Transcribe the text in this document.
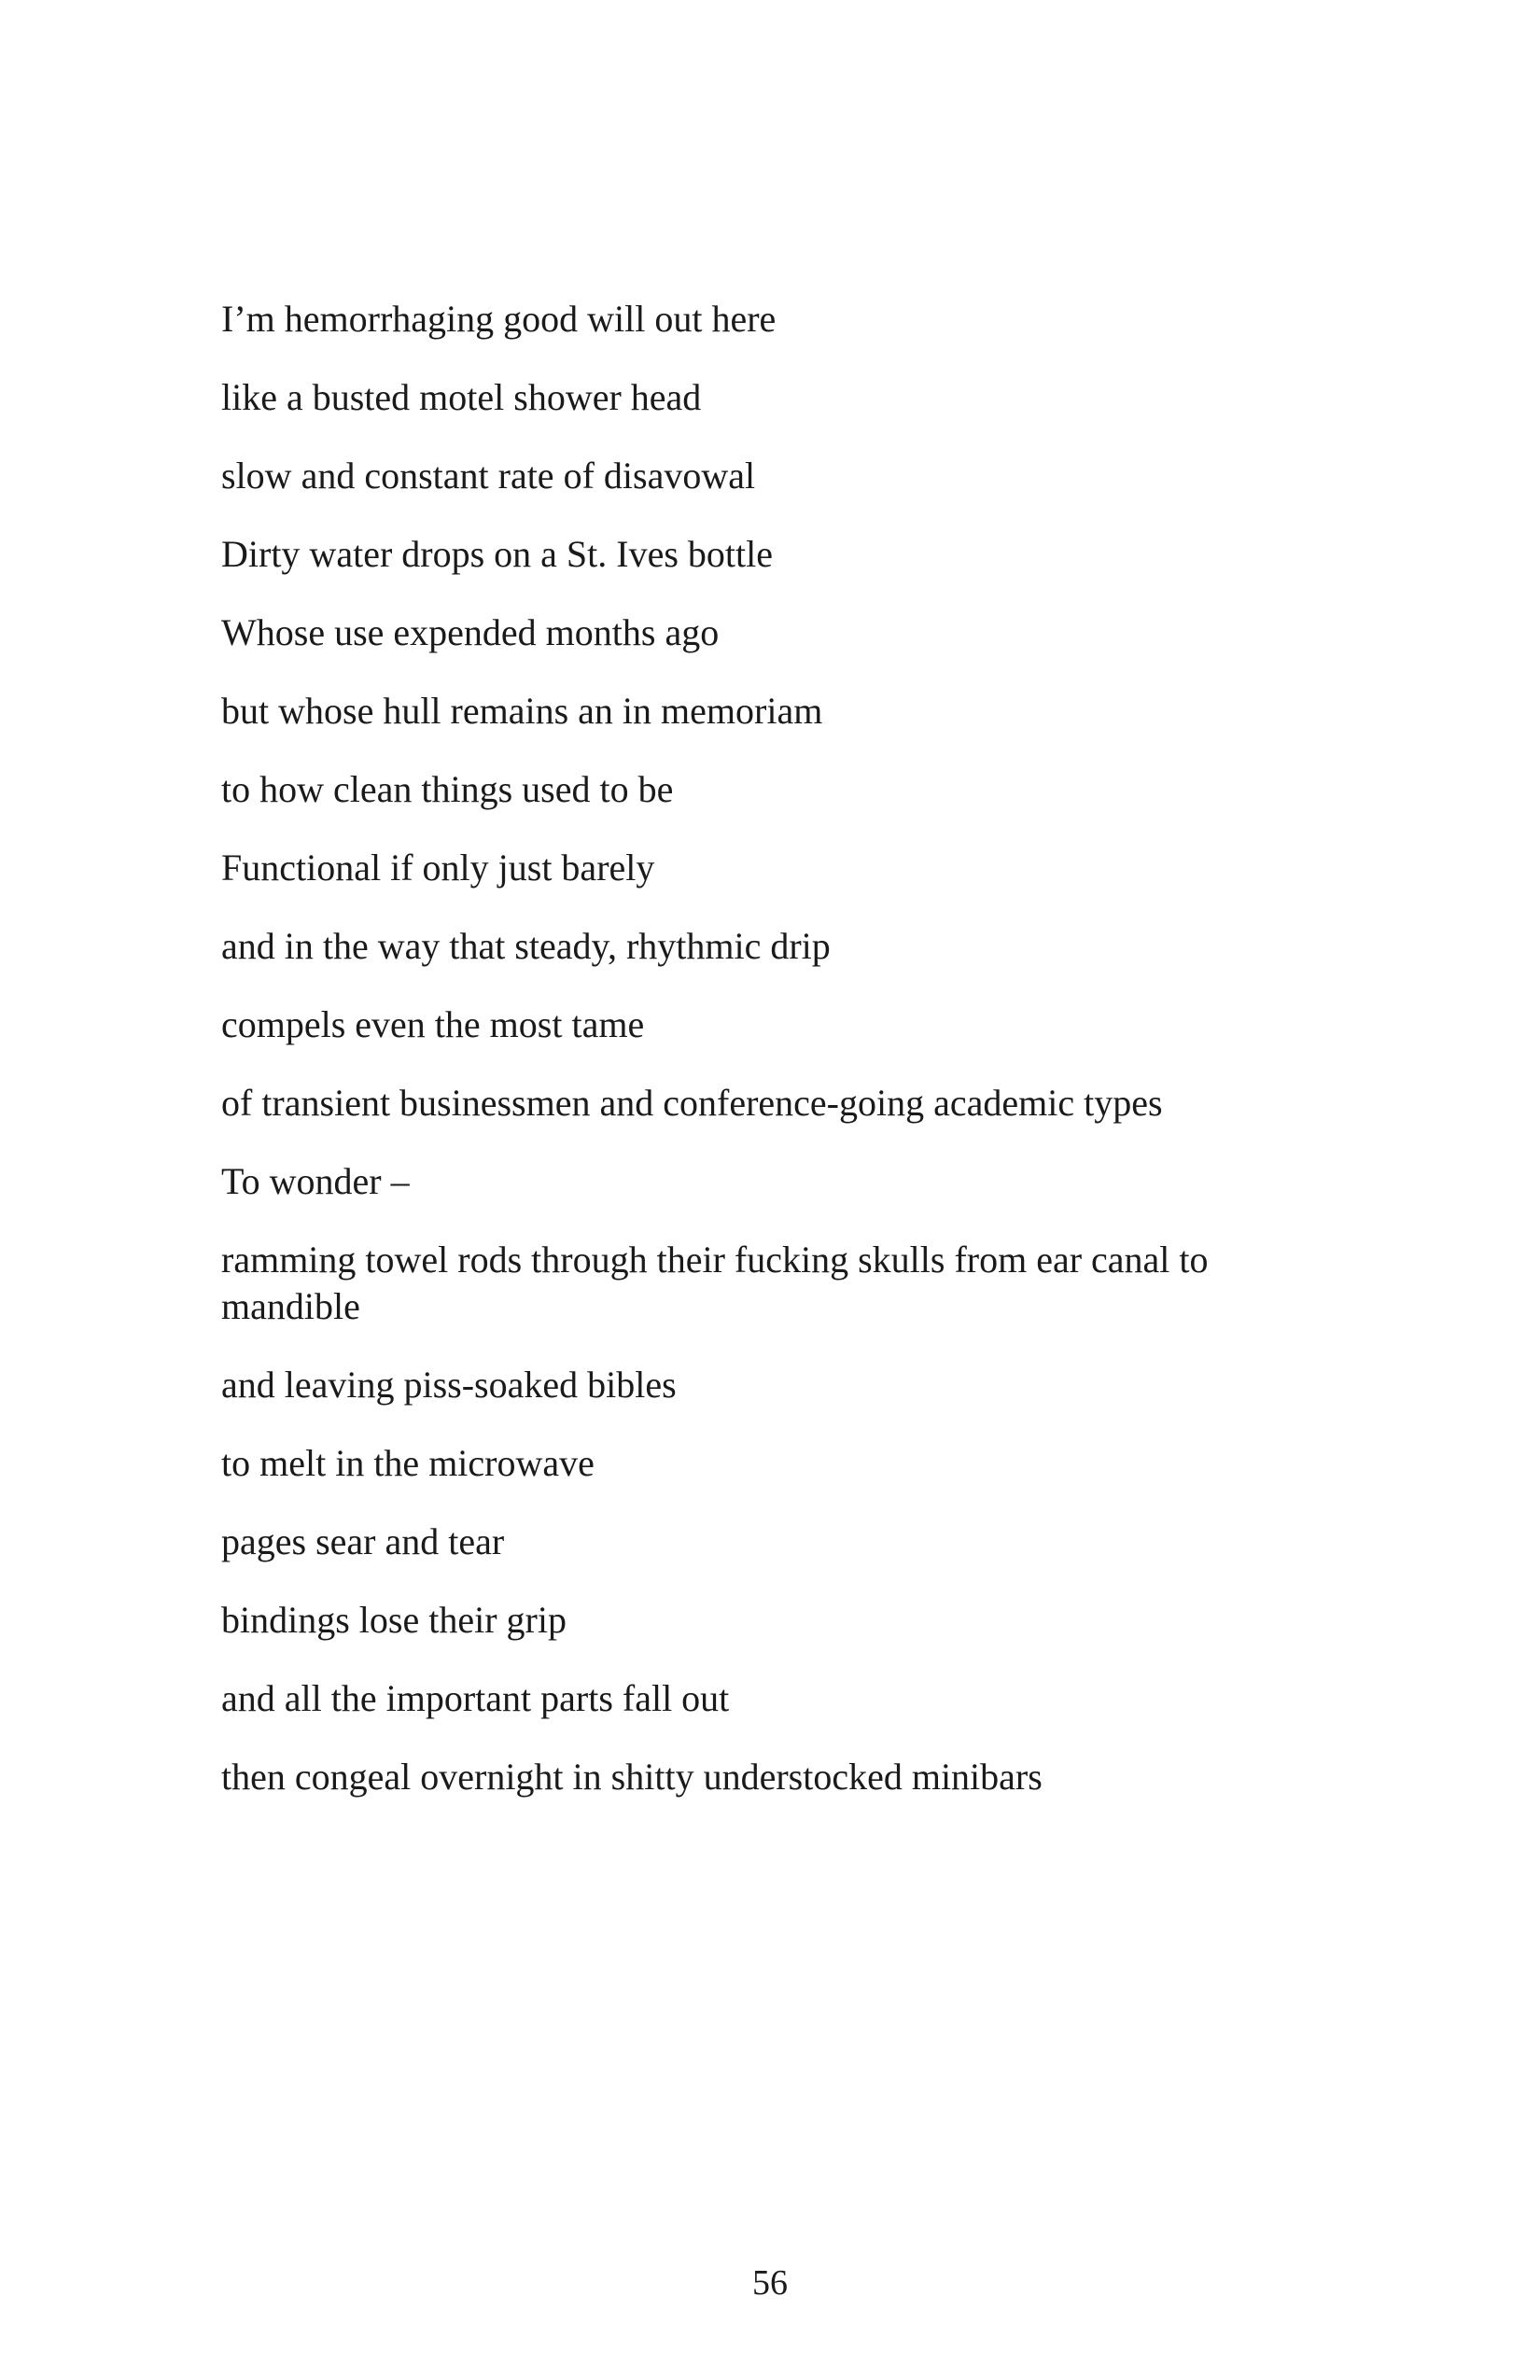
I’m hemorrhaging good will out here
like a busted motel shower head
slow and constant rate of disavowal
Dirty water drops on a St. Ives bottle
Whose use expended months ago
but whose hull remains an in memoriam
to how clean things used to be
Functional if only just barely
and in the way that steady, rhythmic drip
compels even the most tame
of transient businessmen and conference-going academic types
To wonder –
ramming towel rods through their fucking skulls from ear canal to mandible
and leaving piss-soaked bibles
to melt in the microwave
pages sear and tear
bindings lose their grip
and all the important parts fall out
then congeal overnight in shitty understocked minibars
56
